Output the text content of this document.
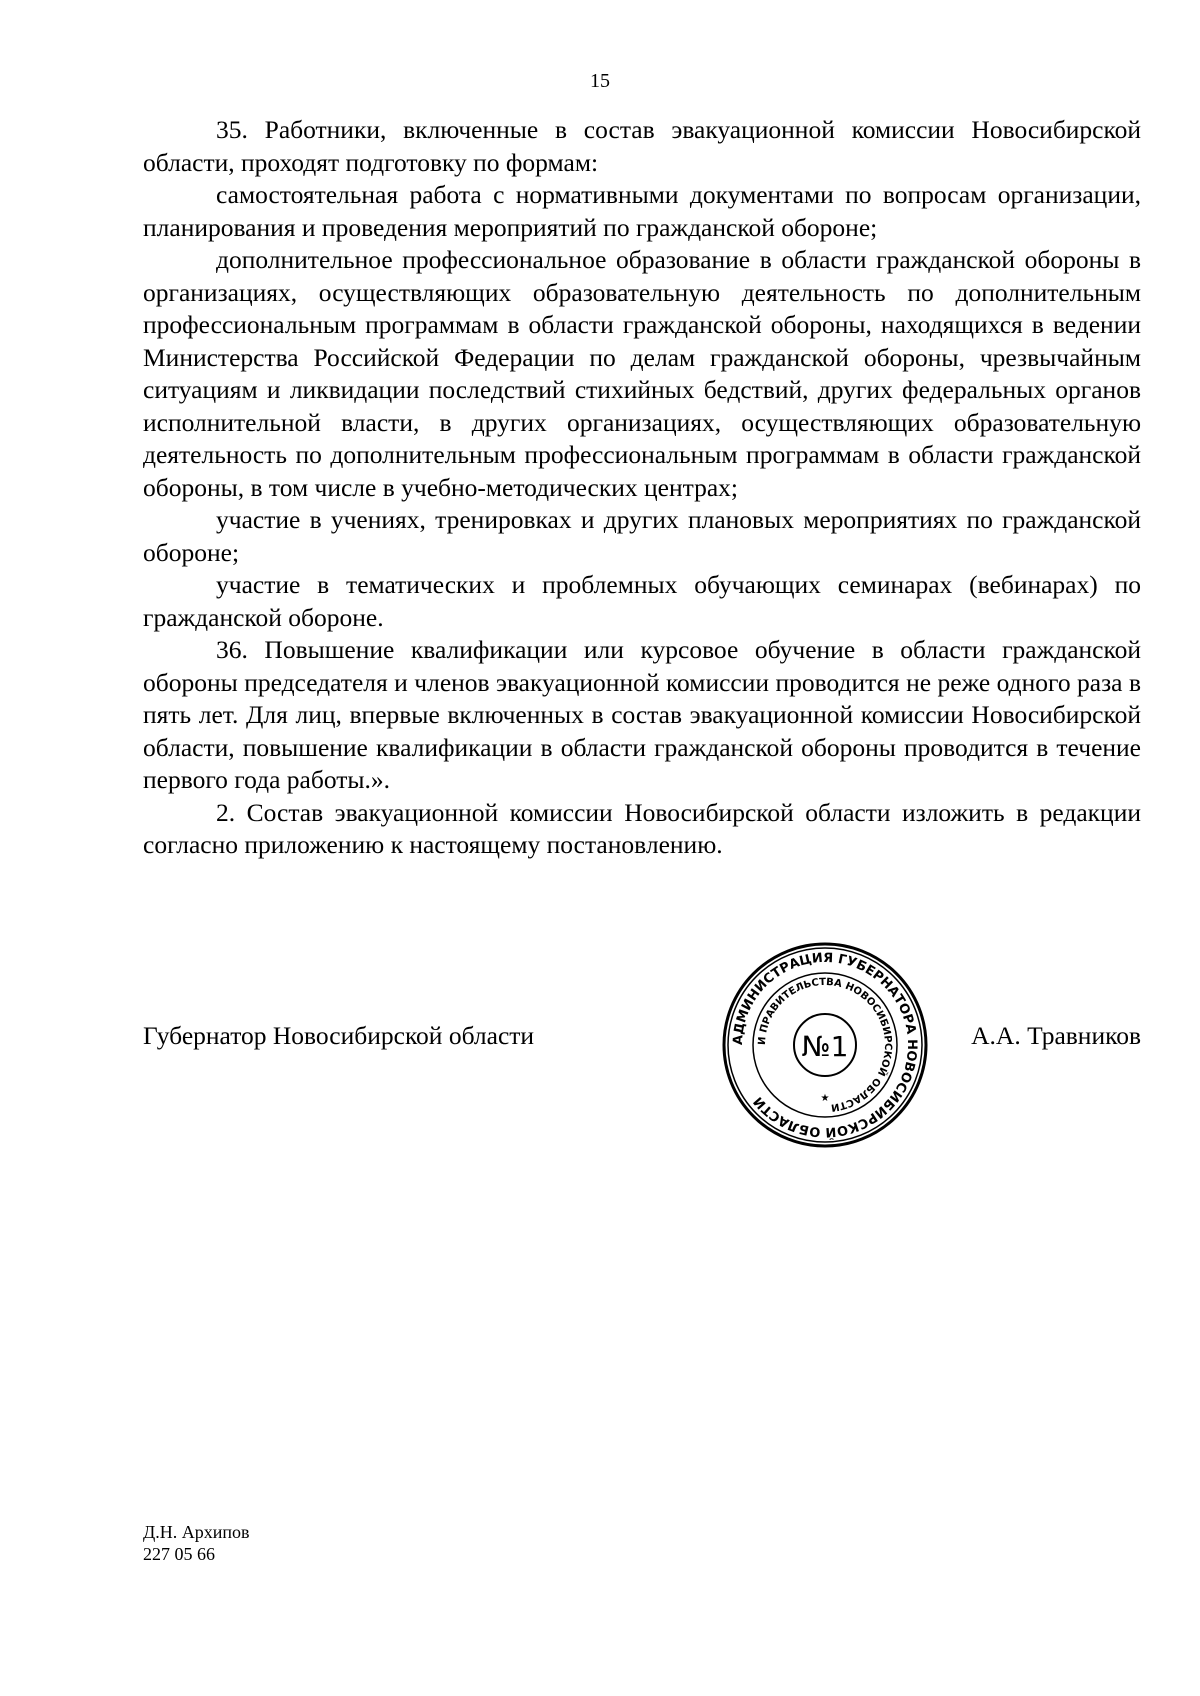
15

35. Работники, включенные в состав эвакуационной комиссии Новосибирской области, проходят подготовку по формам:

самостоятельная работа с нормативными документами по вопросам организации, планирования и проведения мероприятий по гражданской обороне;

дополнительное профессиональное образование в области гражданской обороны в организациях, осуществляющих образовательную деятельность по дополнительным профессиональным программам в области гражданской обороны, находящихся в ведении Министерства Российской Федерации по делам гражданской обороны, чрезвычайным ситуациям и ликвидации последствий стихийных бедствий, других федеральных органов исполнительной власти, в других организациях, осуществляющих образовательную деятельность по дополнительным профессиональным программам в области гражданской обороны, в том числе в учебно-методических центрах;

участие в учениях, тренировках и других плановых мероприятиях по гражданской обороне;

участие в тематических и проблемных обучающих семинарах (вебинарах) по гражданской обороне.

36. Повышение квалификации или курсовое обучение в области гражданской обороны председателя и членов эвакуационной комиссии проводится не реже одного раза в пять лет. Для лиц, впервые включенных в состав эвакуационной комиссии Новосибирской области, повышение квалификации в области гражданской обороны проводится в течение первого года работы.».

2. Состав эвакуационной комиссии Новосибирской области изложить в редакции согласно приложению к настоящему постановлению.

Губернатор Новосибирской области	АДМИНИСТРАЦИЯ ГУБЕРНАТОРА НОВОСИБИРСКОЙ ОБЛАСТИ
И ПРАВИТЕЛЬСТВА НОВОСИБИРСКОЙ ОБЛАСТИ
№1
★
А.А. Травников
Д.Н. Архипов
227 05 66
